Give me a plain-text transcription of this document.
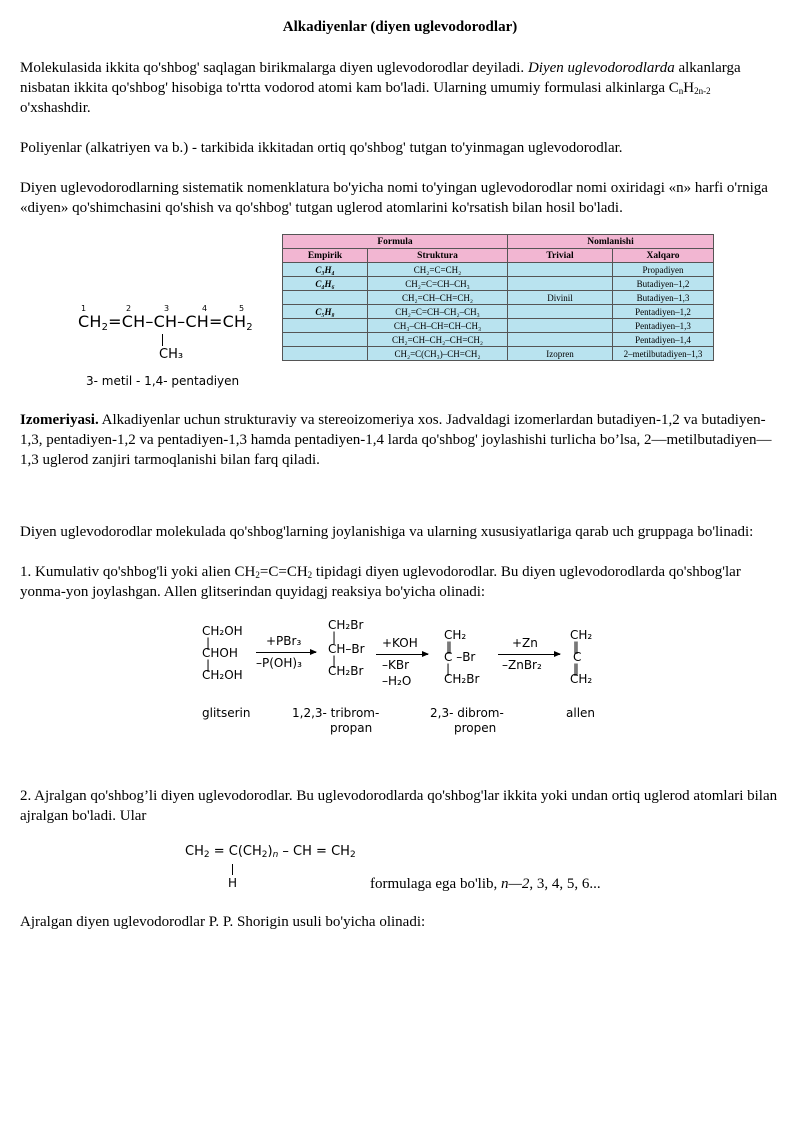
Alkadiyenlar (diyen uglevodorodlar)

Molekulasida ikkita qo'shbog' saqlagan birikmalarga diyen uglevodorodlar deyiladi. Diyen uglevodorodlarda alkanlarga nisbatan ikkita qo'shbog' hisobiga to'rtta vodorod atomi kam bo'ladi. Ularning umumiy formulasi alkinlarga $C_nH_{2n-2}$ o'xshashdir.

Poliyenlar (alkatriyen va b.) - tarkibida ikkitadan ortiq qo'shbog' tutgan to'yinmagan uglevodorodlar.

Diyen uglevodorodlarning sistematik nomenklatura bo'yicha nomi to'yingan uglevodorodlar nomi oxiridagi «n» harfi o'rniga «diyen» qo'shimchasini qo'shish va qo'shbog' tutgan uglerod atomlarini ko'rsatish bilan hosil bo'ladi.

1	2	3	4	5
CH2=CH–CH–CH=CH2
CH₃
3- metil - 1,4- pentadiyen
Formula		Nomlanishi	
Empirik	Struktura	Trivial	Xalqaro
C₃H₄	CH₂=C=CH₂		Propadiyen
C₄H₆	CH₂=C=CH–CH₃		Butadiyen–1,2
	CH₂=CH–CH=CH₂	Divinil	Butadiyen–1,3
C₅H₈	CH₂=C=CH–CH₂–CH₃		Pentadiyen–1,2
	CH₃–CH–CH=CH–CH₃		Pentadiyen–1,3
	CH₂=CH–CH₂–CH=CH₂		Pentadiyen–1,4
	CH₂=C(CH₃)–CH=CH₂	Izopren	2–metilbutadiyen–1,3

Izomeriyasi. Alkadiyenlar uchun strukturaviy va stereoizomeriya xos. Jadvaldagi izomerlardan butadiyen-1,2 va butadiyen-1,3, pentadiyen-1,2 va pentadiyen-1,3 hamda pentadiyen-1,4 larda qo'shbog' joylashishi turlicha bo’lsa, 2—metilbutadiyen—1,3 uglerod zanjiri tarmoqlanishi bilan farq qiladi.

Diyen uglevodorodlar molekulada qo'shbog'larning joylanishiga va ularning xususiyatlariga qarab uch gruppaga bo'linadi:

1. Kumulativ qo'shbog'li yoki alien $CH_2=C=CH_2$ tipidagi diyen uglevodorodlar. Bu diyen uglevodorodlarda qo'shbog'lar yonma-yon joylashgan. Allen glitserindan quyidagj reaksiya bo'yicha olinadi:

CH₂OH
|
CHOH
|
CH₂OH
+PBr₃
–P(OH)₃
CH₂Br
|
CH–Br
|
CH₂Br
+KOH
–KBr
–H₂O
CH₂
‖
C –Br
|
CH₂Br
+Zn
–ZnBr₂
CH₂
‖
C
‖
CH₂
glitserin	1,2,3- tribrom-
propan
2,3- dibrom-
propen
allen

2. Ajralgan qo'shbog’li diyen uglevodorodlar. Bu uglevodorodlarda qo'shbog'lar ikkita yoki undan ortiq uglerod atomlari bilan ajralgan bo'ladi. Ular

$CH_2 = C(CH_2)_n$ – CH = $CH_2$
H	formulaga ega bo'lib, n—2, 3, 4, 5, 6...

Ajralgan diyen uglevodorodlar P. P. Shorigin usuli bo'yicha olinadi:
